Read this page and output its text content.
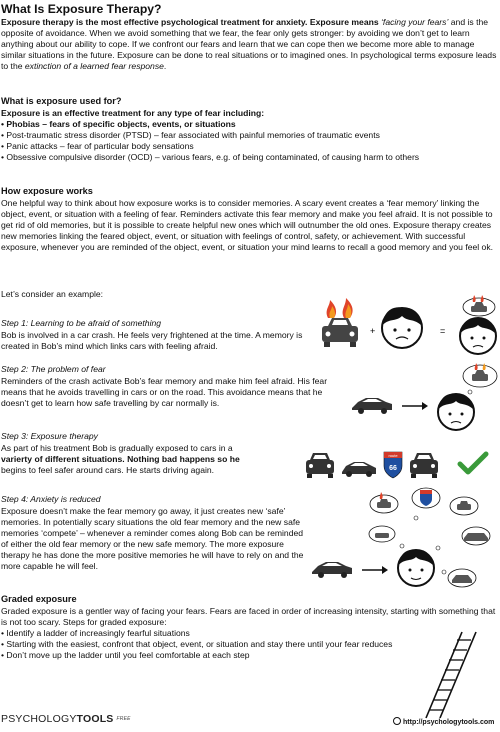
What Is Exposure Therapy?

Exposure therapy is the most effective psychological treatment for anxiety. Exposure means ‘facing your fears’ and is the opposite of avoidance. When we avoid something that we fear, the fear only gets stronger: by avoiding we don’t get to learn anything about our ability to cope. If we confront our fears and learn that we can cope then we become more able to manage similar situations in the future. Exposure can be done to real situations or to imagined ones. In psychological terms exposure leads to the extinction of a learned fear response.

What is exposure used for?

Exposure is an effective treatment for any type of fear including:

• Phobias – fears of specific objects, events, or situations
• Post-traumatic stress disorder (PTSD) – fear associated with painful memories of traumatic events
• Panic attacks – fear of particular body sensations
• Obsessive compulsive disorder (OCD) – various fears, e.g. of being contaminated, of causing harm to others
How exposure works

One helpful way to think about how exposure works is to consider memories. A scary event creates a ‘fear memory’ linking the object, event, or situation with a feeling of fear. Reminders activate this fear memory and make you feel afraid. It is not possible to get rid of old memories, but it is possible to create helpful new ones which will outnumber the old ones. Exposure therapy creates new memories linking the feared object, event, or situation with feelings of control, safety, or achievement. With successful exposure, whenever you are reminded of the object, event, or situation your mind learns to recall a good memory and you feel ok.

Let’s consider an example:

Step 1: Learning to be afraid of something

Bob is involved in a car crash. He feels very frightened at the time. A memory is created in Bob’s mind which links cars with feeling afraid.

Step 2: The problem of fear

Reminders of the crash activate Bob’s fear memory and make him feel afraid. His fear means that he avoids travelling in cars or on the road. This avoidance means that he doesn’t get to learn how safe travelling by car normally is.

Step 3: Exposure therapy

As part of his treatment Bob is gradually exposed to cars in a
varierty of different situations. Nothing bad happens so he
begins to feel safer around cars. He starts driving again.

Step 4: Anxiety is reduced

Exposure doesn’t make the fear memory go away, it just creates new ‘safe’ memories. In potentially scary situations the old fear memory and the new safe memories ‘compete’ – whenever a reminder comes along Bob can be reminded of either the old fear memory or the new safe memory. The more exposure therapy he has done the more positive memories he will have to rely on and the more capable he will feel.

Graded exposure

Graded exposure is a gentler way of facing your fears. Fears are faced in order of increasing intensity, starting with something that is not too scary. Steps for graded exposure:

• Identify a ladder of increasingly fearful situations
• Starting with the easiest, confront that object, event, or situation and stay there until your fear reduces
• Don’t move up the ladder until you feel comfortable at each step
PSYCHOLOGYTOOLS $^{FREE}$	http://psychologytools.com
+	=
route
66
